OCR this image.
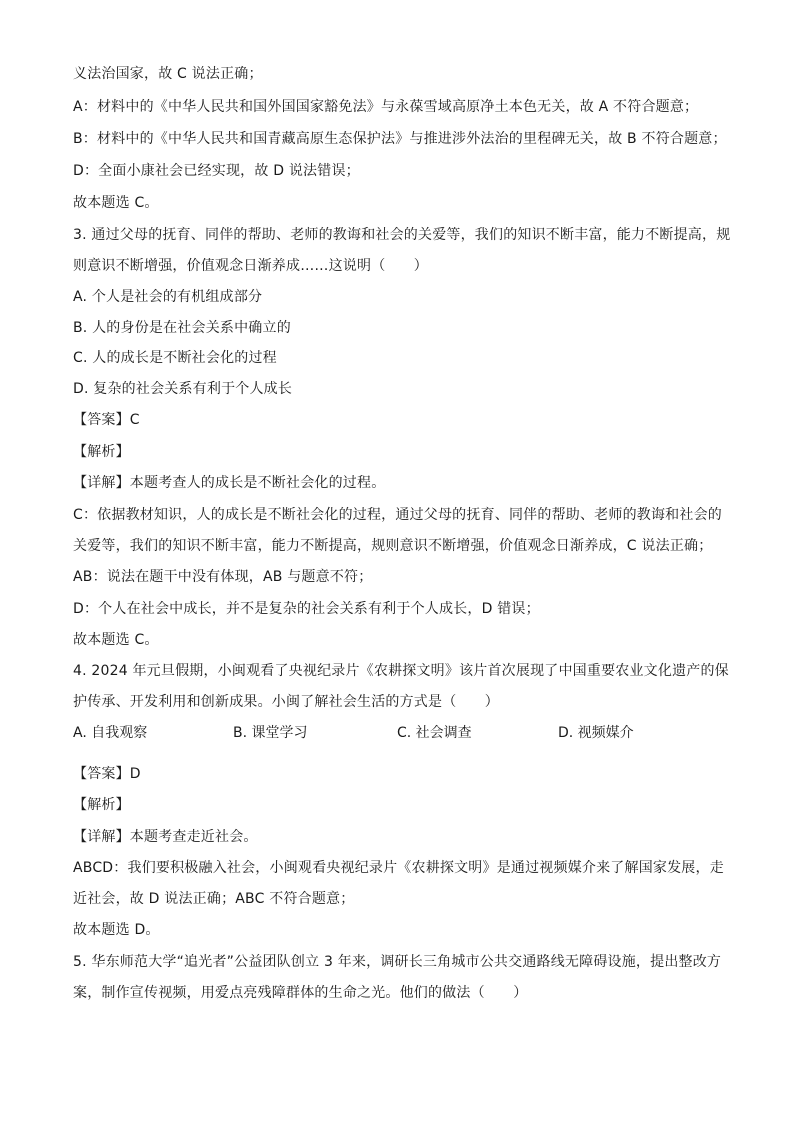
义法治国家，故 C 说法正确；
A：材料中的《中华人民共和国外国国家豁免法》与永葆雪域高原净土本色无关，故 A 不符合题意；
B：材料中的《中华人民共和国青藏高原生态保护法》与推进涉外法治的里程碑无关，故 B 不符合题意；
D：全面小康社会已经实现，故 D 说法错误；
故本题选 C。
3. 通过父母的抚育、同伴的帮助、老师的教诲和社会的关爱等，我们的知识不断丰富，能力不断提高，规
则意识不断增强，价值观念日渐养成……这说明（　　）
A. 个人是社会的有机组成部分
B. 人的身份是在社会关系中确立的
C. 人的成长是不断社会化的过程
D. 复杂的社会关系有利于个人成长
【答案】C
【解析】
【详解】本题考查人的成长是不断社会化的过程。
C：依据教材知识，人的成长是不断社会化的过程，通过父母的抚育、同伴的帮助、老师的教诲和社会的
关爱等，我们的知识不断丰富，能力不断提高，规则意识不断增强，价值观念日渐养成，C 说法正确；
AB：说法在题干中没有体现，AB 与题意不符；
D：个人在社会中成长，并不是复杂的社会关系有利于个人成长，D 错误；
故本题选 C。
4. 2024 年元旦假期，小闽观看了央视纪录片《农耕探文明》该片首次展现了中国重要农业文化遗产的保
护传承、开发利用和创新成果。小闽了解社会生活的方式是（　　）
A. 自我观察	B. 课堂学习	C. 社会调查	D. 视频媒介
【答案】D
【解析】
【详解】本题考查走近社会。
ABCD：我们要积极融入社会，小闽观看央视纪录片《农耕探文明》是通过视频媒介来了解国家发展，走
近社会，故 D 说法正确；ABC 不符合题意；
故本题选 D。
5. 华东师范大学“追光者”公益团队创立 3 年来，调研长三角城市公共交通路线无障碍设施，提出整改方
案，制作宣传视频，用爱点亮残障群体的生命之光。他们的做法（　　）
